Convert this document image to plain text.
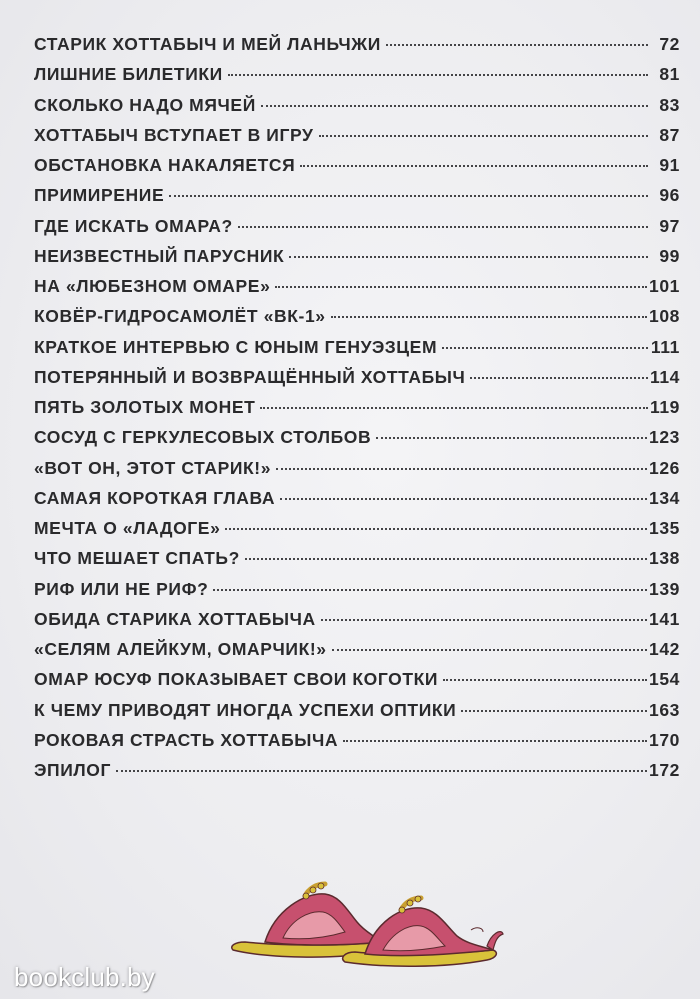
СТАРИК ХОТТАБЫЧ И МЕЙ ЛАНЬЧЖИ	72
ЛИШНИЕ БИЛЕТИКИ	81
СКОЛЬКО НАДО МЯЧЕЙ	83
ХОТТАБЫЧ ВСТУПАЕТ В ИГРУ	87
ОБСТАНОВКА НАКАЛЯЕТСЯ	91
ПРИМИРЕНИЕ	96
ГДЕ ИСКАТЬ ОМАРА?	97
НЕИЗВЕСТНЫЙ ПАРУСНИК	99
НА «ЛЮБЕЗНОМ ОМАРЕ»	101
КОВЁР-ГИДРОСАМОЛЁТ «ВК-1»	108
КРАТКОЕ ИНТЕРВЬЮ С ЮНЫМ ГЕНУЭЗЦЕМ	111
ПОТЕРЯННЫЙ И ВОЗВРАЩЁННЫЙ ХОТТАБЫЧ	114
ПЯТЬ ЗОЛОТЫХ МОНЕТ	119
СОСУД С ГЕРКУЛЕСОВЫХ СТОЛБОВ	123
«ВОТ ОН, ЭТОТ СТАРИК!»	126
САМАЯ КОРОТКАЯ ГЛАВА	134
МЕЧТА О «ЛАДОГЕ»	135
ЧТО МЕШАЕТ СПАТЬ?	138
РИФ ИЛИ НЕ РИФ?	139
ОБИДА СТАРИКА ХОТТАБЫЧА	141
«СЕЛЯМ АЛЕЙКУМ, ОМАРЧИК!»	142
ОМАР ЮСУФ ПОКАЗЫВАЕТ СВОИ КОГОТКИ	154
К ЧЕМУ ПРИВОДЯТ ИНОГДА УСПЕХИ ОПТИКИ	163
РОКОВАЯ СТРАСТЬ ХОТТАБЫЧА	170
ЭПИЛОГ	172
bookclub.by
